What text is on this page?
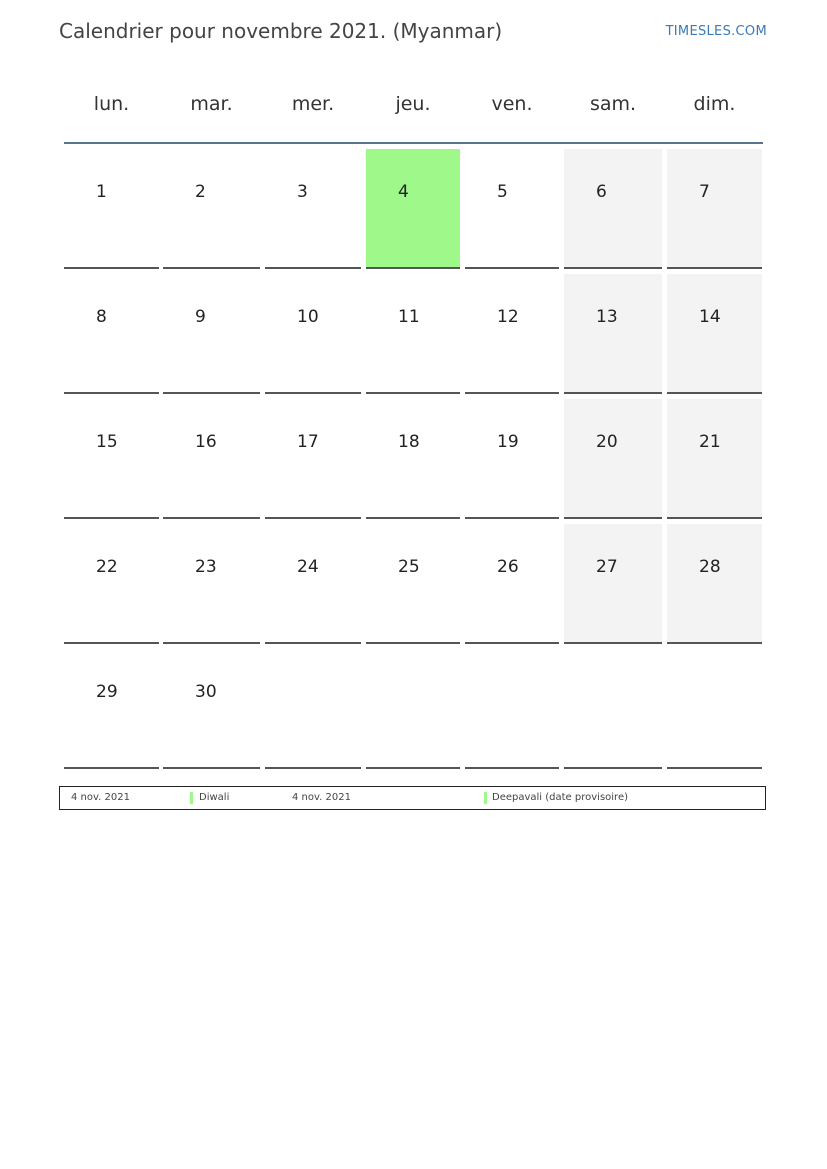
Calendrier pour novembre 2021. (Myanmar)	TIMESLES.COM
lun.	mar.	mer.	jeu.	ven.	sam.	dim.
1	2	3	4	5	6	7
8	9	10	11	12	13	14
15	16	17	18	19	20	21
22	23	24	25	26	27	28
29	30
4 nov. 2021	Diwali	4 nov. 2021	Deepavali (date provisoire)
